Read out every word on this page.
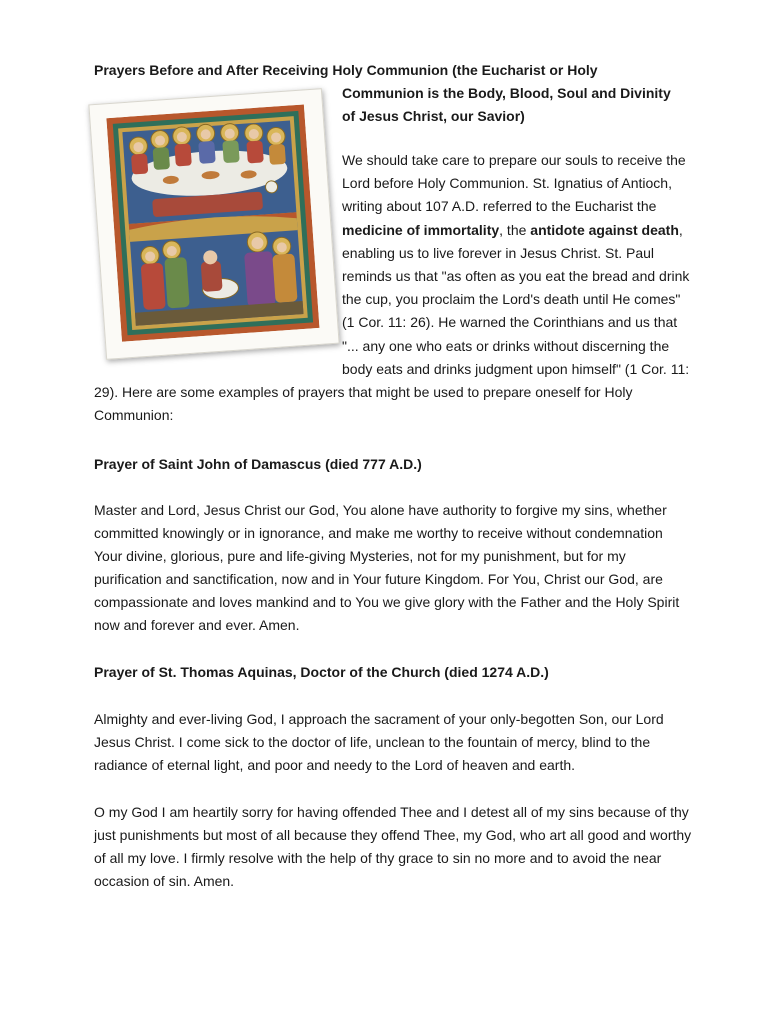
Prayers Before and After Receiving Holy Communion (the Eucharist or Holy
Communion is the Body, Blood, Soul and Divinity of Jesus Christ, our Savior)
We should take care to prepare our souls to receive the Lord before Holy Communion. St. Ignatius of Antioch, writing about 107 A.D. referred to the Eucharist the medicine of immortality, the antidote against death, enabling us to live forever in Jesus Christ. St. Paul reminds us that "as often as you eat the bread and drink the cup, you proclaim the Lord's death until He comes" (1 Cor. 11: 26). He warned the Corinthians and us that "... any one who eats or drinks without discerning the body eats and drinks judgment upon himself" (1 Cor. 11: 29). Here are some examples of prayers that might be used to prepare oneself for Holy Communion:
Prayer of Saint John of Damascus (died 777 A.D.)
Master and Lord, Jesus Christ our God, You alone have authority to forgive my sins, whether committed knowingly or in ignorance, and make me worthy to receive without condemnation Your divine, glorious, pure and life-giving Mysteries, not for my punishment, but for my purification and sanctification, now and in Your future Kingdom. For You, Christ our God, are compassionate and loves mankind and to You we give glory with the Father and the Holy Spirit now and forever and ever. Amen.
Prayer of St. Thomas Aquinas, Doctor of the Church (died 1274 A.D.)
Almighty and ever-living God, I approach the sacrament of your only-begotten Son, our Lord Jesus Christ. I come sick to the doctor of life, unclean to the fountain of mercy, blind to the radiance of eternal light, and poor and needy to the Lord of heaven and earth.
O my God I am heartily sorry for having offended Thee and I detest all of my sins because of thy just punishments but most of all because they offend Thee, my God, who art all good and worthy of all my love. I firmly resolve with the help of thy grace to sin no more and to avoid the near occasion of sin. Amen.
